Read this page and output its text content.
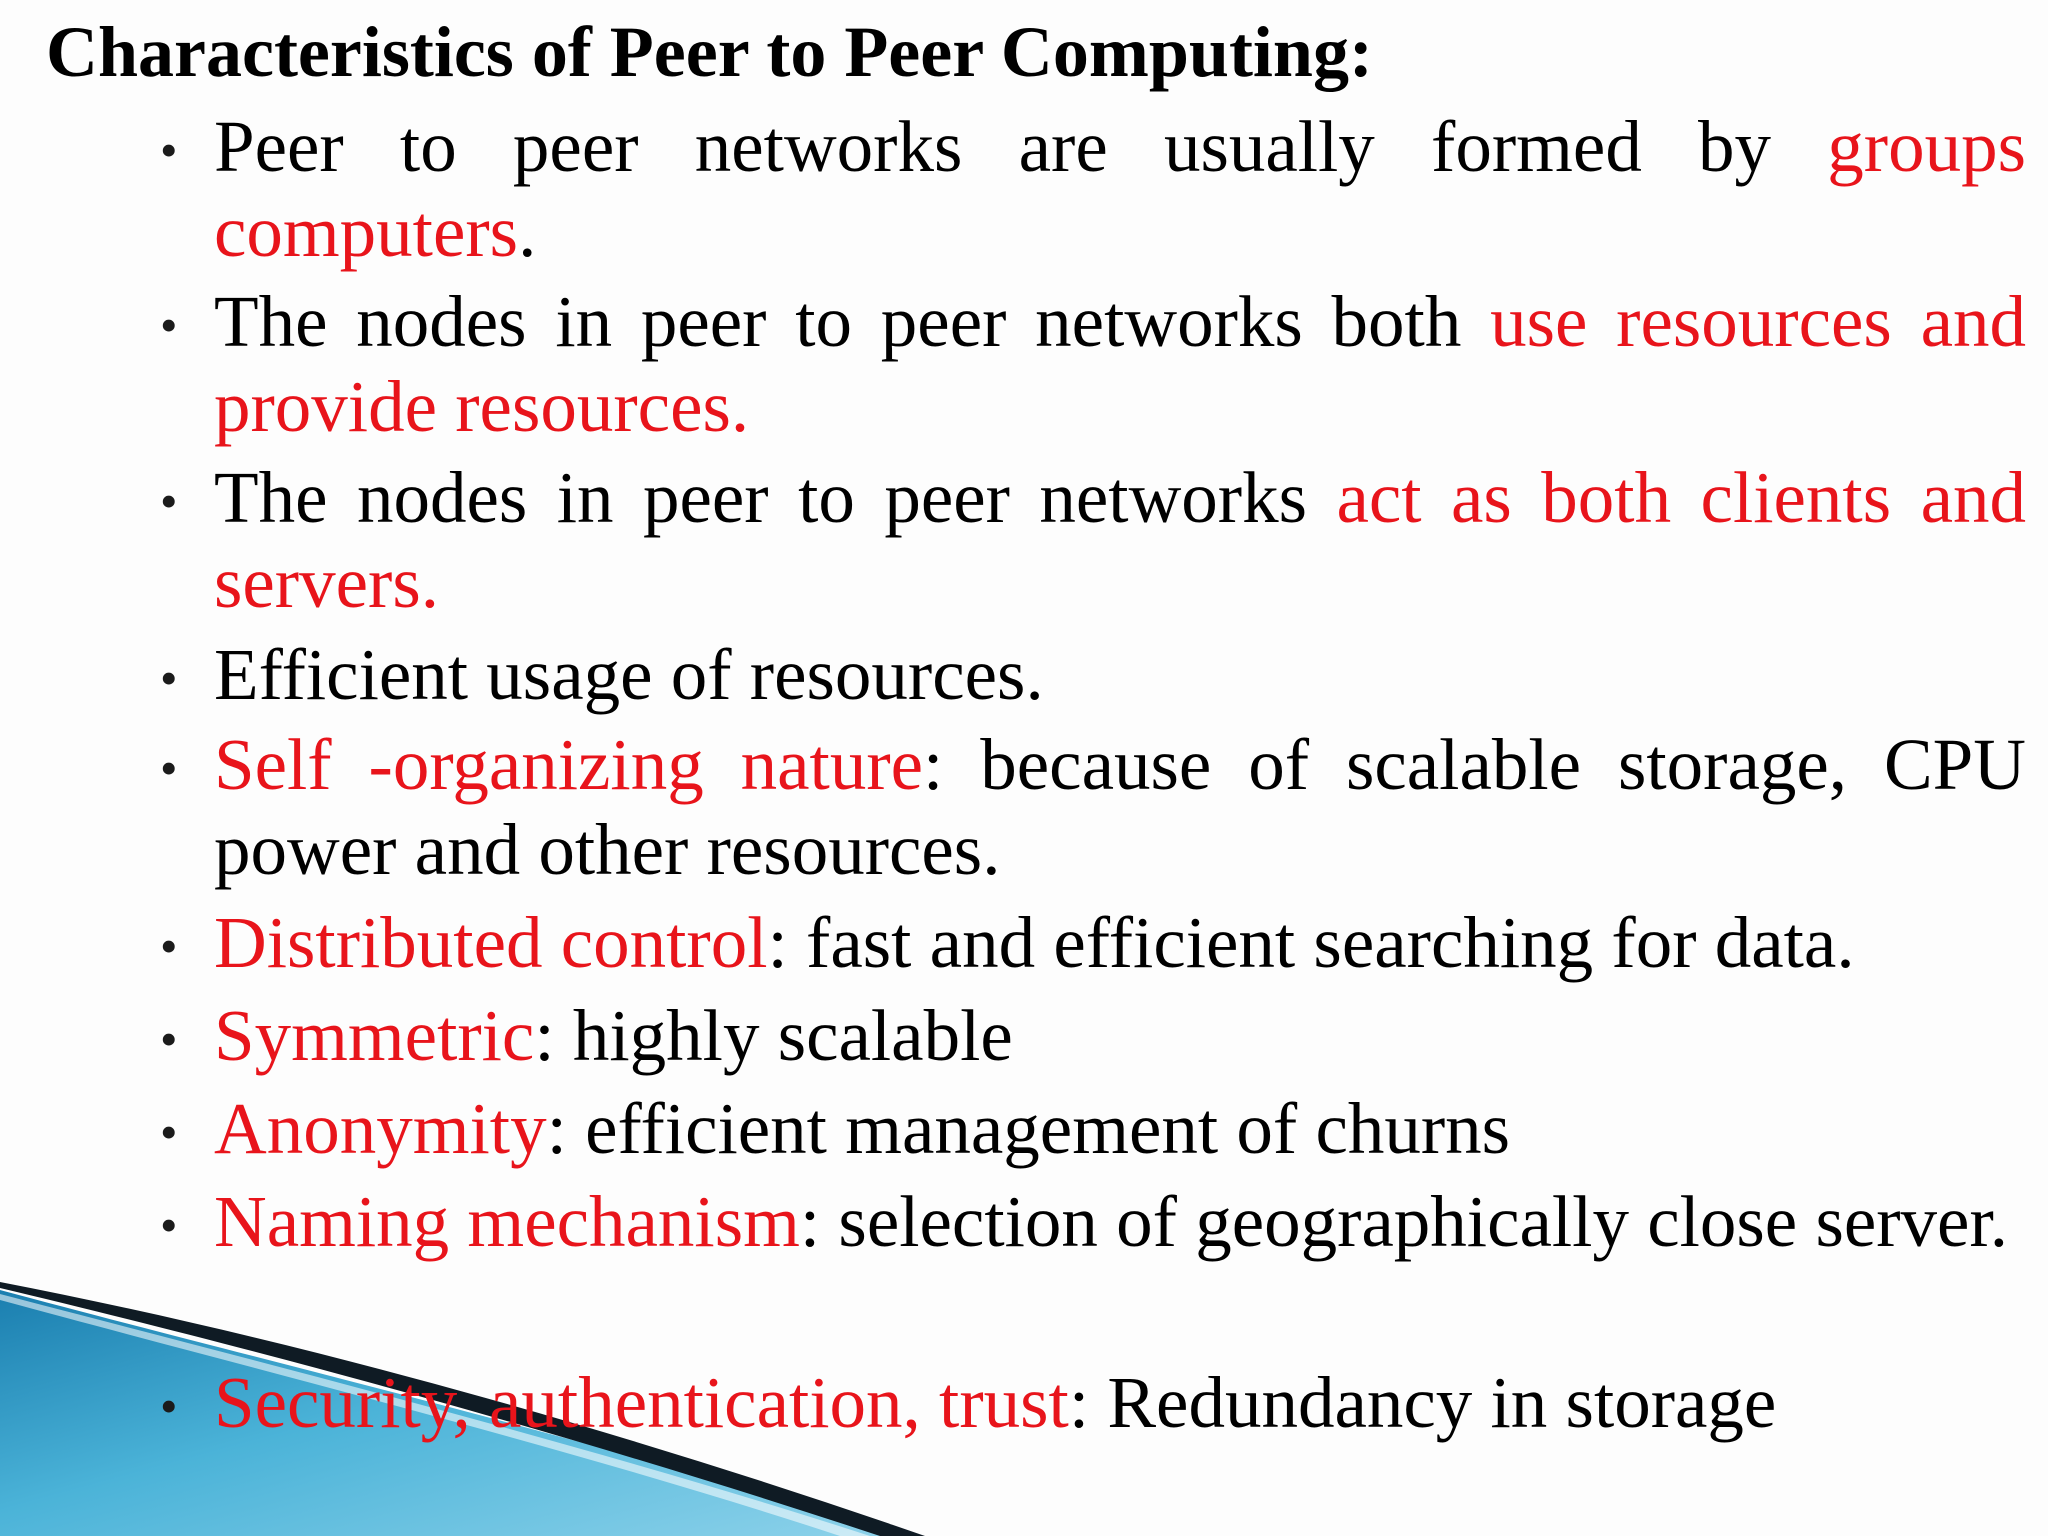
Characteristics of Peer to Peer Computing:
• Peer to peer networks are usually formed by groups computers.
• The nodes in peer to peer networks both use resources and provide resources.
• The nodes in peer to peer networks act as both clients and servers.
• Efficient usage of resources.
• Self -organizing nature: because of scalable storage, CPU power and other resources.
• Distributed control: fast and efficient searching for data.
• Symmetric: highly scalable
• Anonymity: efficient management of churns
• Naming mechanism: selection of geographically close server.
• Security, authentication, trust: Redundancy in storage
